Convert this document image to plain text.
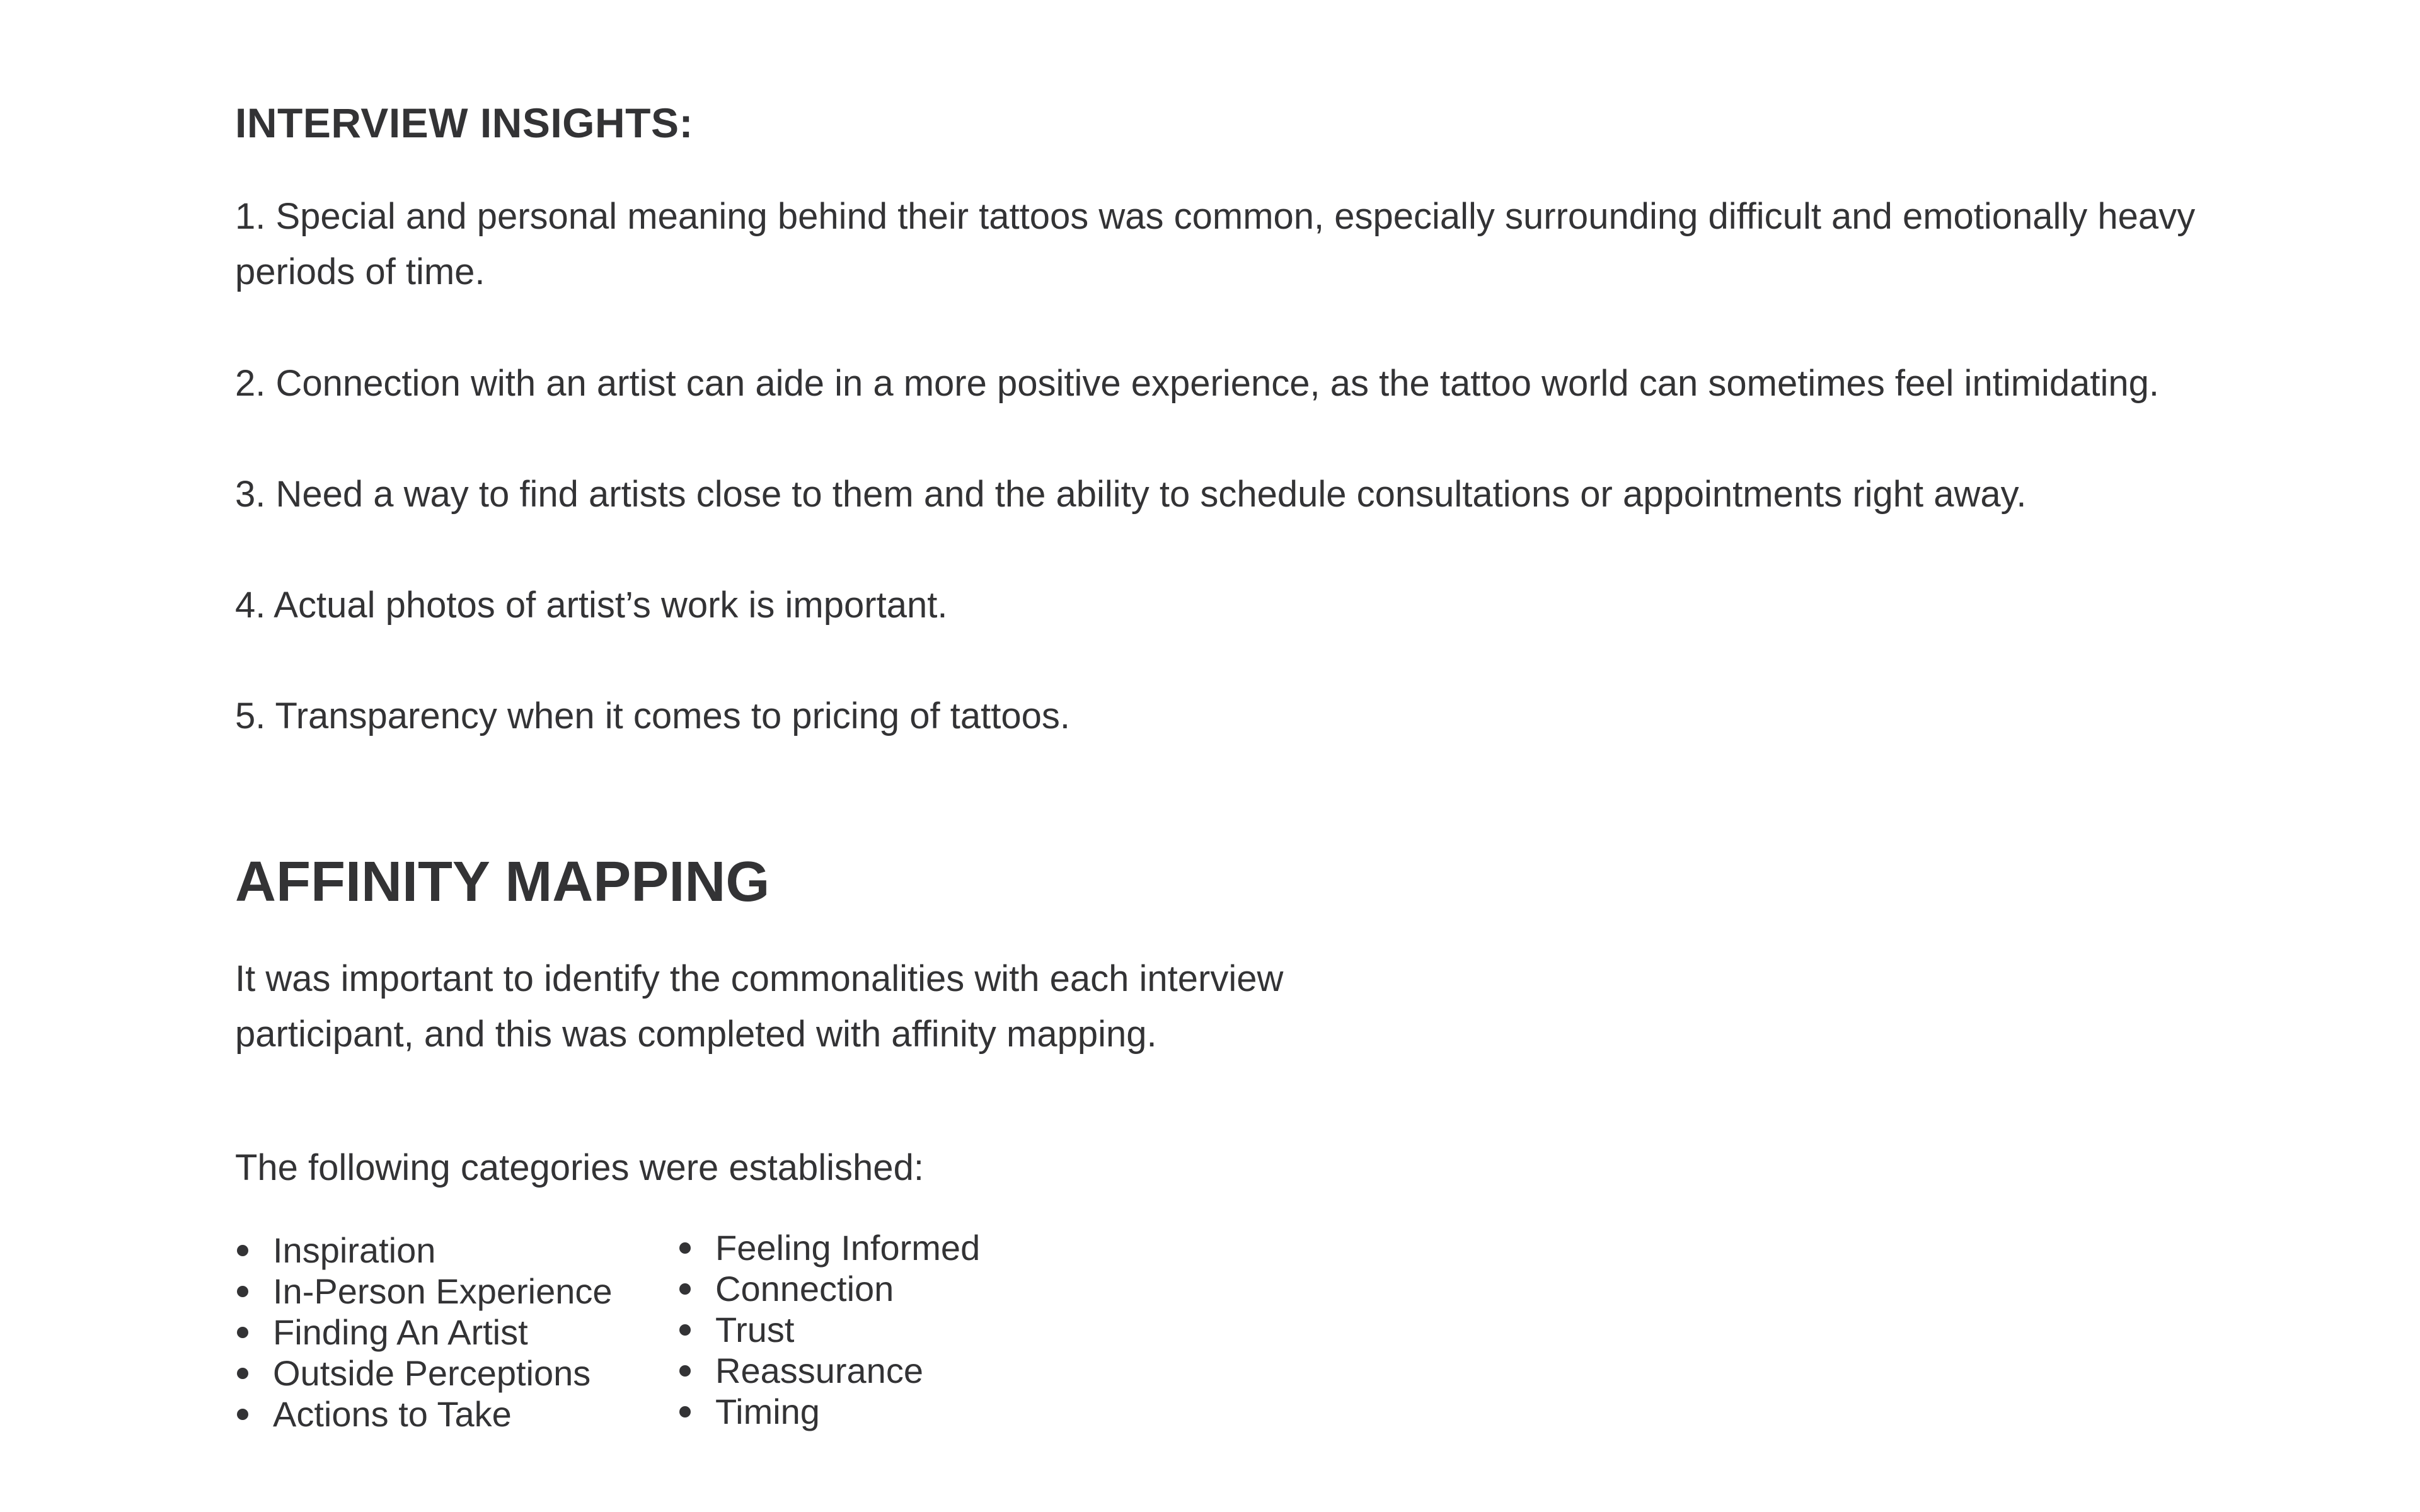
INTERVIEW INSIGHTS:

1. Special and personal meaning behind their tattoos was common, especially surrounding difficult and emotionally heavy periods of time.

2. Connection with an artist can aide in a more positive experience, as the tattoo world can sometimes feel intimidating.

3. Need a way to find artists close to them and the ability to schedule consultations or appointments right away.

4. Actual photos of artist’s work is important.

5. Transparency when it comes to pricing of tattoos.

AFFINITY MAPPING

It was important to identify the commonalities with each interview participant, and this was completed with affinity mapping.

The following categories were established:

Inspiration
In-Person Experience
Finding An Artist
Outside Perceptions
Actions to Take
Feeling Informed
Connection
Trust
Reassurance
Timing
